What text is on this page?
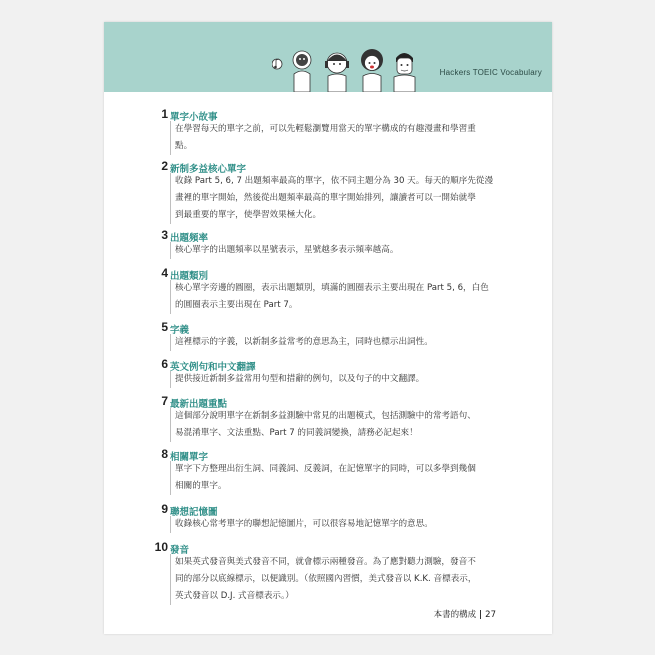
Hackers TOEIC Vocabulary
1 單字小故事
在學習每天的單字之前，可以先輕鬆瀏覽用當天的單字構成的有趣漫畫和學習重
點。
2 新制多益核心單字
收錄 Part 5, 6, 7 出題頻率最高的單字，依不同主題分為 30 天。每天的順序先從漫
畫裡的單字開始，然後從出題頻率最高的單字開始排列，讓讀者可以一開始就學
到最重要的單字，使學習效果極大化。
3 出題頻率
核心單字的出題頻率以星號表示，星號越多表示頻率越高。
4 出題類別
核心單字旁邊的圓圈，表示出題類別，填滿的圓圈表示主要出現在 Part 5, 6，白色
的圓圈表示主要出現在 Part 7。
5 字義
這裡標示的字義，以新制多益常考的意思為主，同時也標示出詞性。
6 英文例句和中文翻譯
提供接近新制多益常用句型和措辭的例句，以及句子的中文翻譯。
7 最新出題重點
這個部分說明單字在新制多益測驗中常見的出題模式，包括測驗中的常考語句、
易混淆單字、文法重點、Part 7 的同義詞變換，請務必記起來！
8 相關單字
單字下方整理出衍生詞、同義詞、反義詞，在記憶單字的同時，可以多學到幾個
相關的單字。
9 聯想記憶圖
收錄核心常考單字的聯想記憶圖片，可以很容易地記憶單字的意思。
10 發音
如果英式發音與美式發音不同，就會標示兩種發音。為了應對聽力測驗，發音不
同的部分以底線標示，以便識別。（依照國內習慣，美式發音以 K.K. 音標表示，
英式發音以 D.J. 式音標表示。）
本書的構成 27
